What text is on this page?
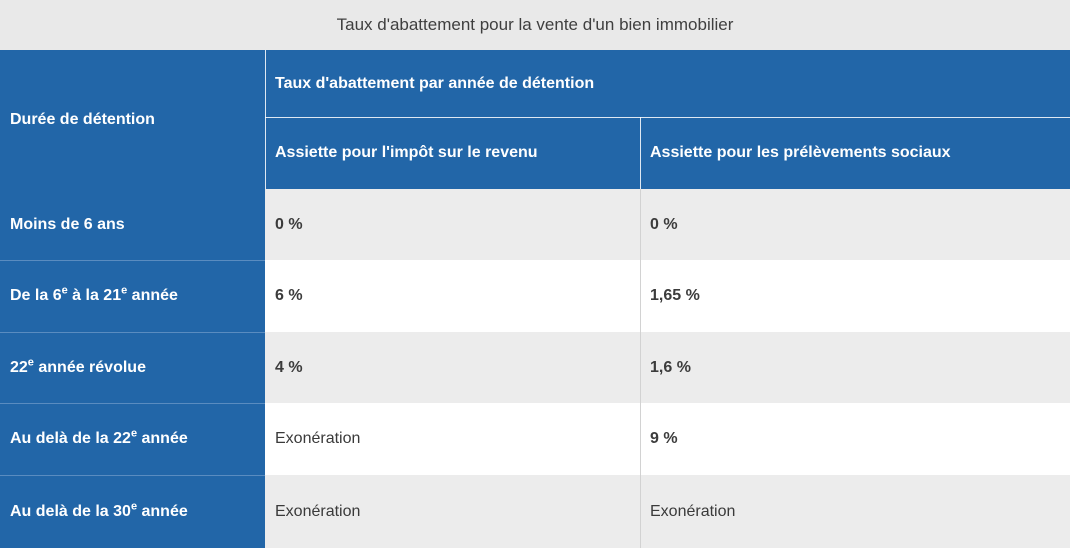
Taux d'abattement pour la vente d'un bien immobilier
Durée de détention
Taux d'abattement par année de détention
Assiette pour l'impôt sur le revenu	Assiette pour les prélèvements sociaux
Moins de 6 ans	0 %	0 %
De la 6e à la 21e année	6 %	1,65 %
22e année révolue	4 %	1,6 %
Au delà de la 22e année	Exonération	9 %
Au delà de la 30e année	Exonération	Exonération
